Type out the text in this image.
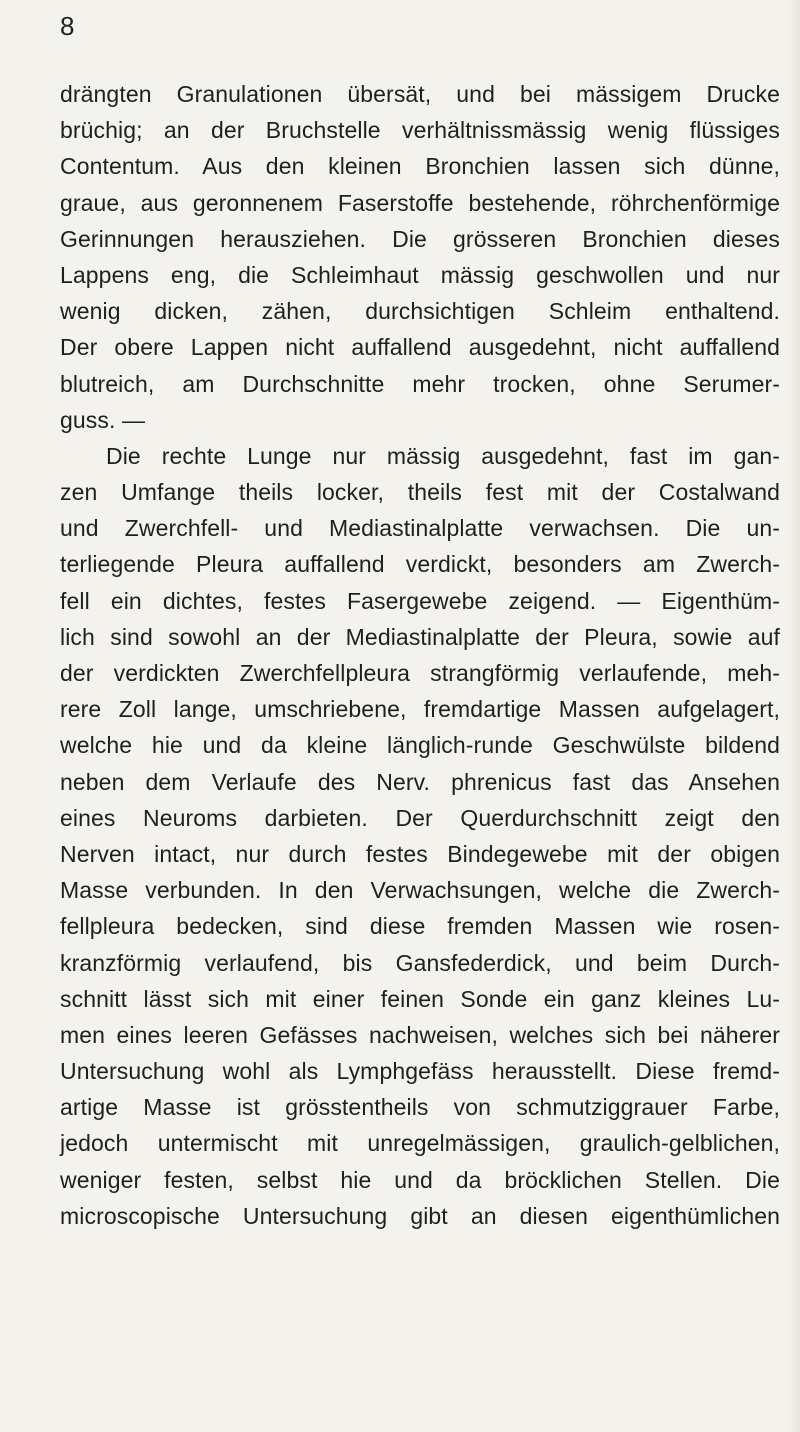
8
drängten Granulationen übersät, und bei mässigem Drucke
brüchig; an der Bruchstelle verhältnissmässig wenig flüssiges
Contentum. Aus den kleinen Bronchien lassen sich dünne,
graue, aus geronnenem Faserstoffe bestehende, röhrchenförmige
Gerinnungen herausziehen. Die grösseren Bronchien dieses
Lappens eng, die Schleimhaut mässig geschwollen und nur
wenig dicken, zähen, durchsichtigen Schleim enthaltend.
Der obere Lappen nicht auffallend ausgedehnt, nicht auffallend
blutreich, am Durchschnitte mehr trocken, ohne Serumer-
guss. —
Die rechte Lunge nur mässig ausgedehnt, fast im gan-
zen Umfange theils locker, theils fest mit der Costalwand
und Zwerchfell- und Mediastinalplatte verwachsen. Die un-
terliegende Pleura auffallend verdickt, besonders am Zwerch-
fell ein dichtes, festes Fasergewebe zeigend. — Eigenthüm-
lich sind sowohl an der Mediastinalplatte der Pleura, sowie auf
der verdickten Zwerchfellpleura strangförmig verlaufende, meh-
rere Zoll lange, umschriebene, fremdartige Massen aufgelagert,
welche hie und da kleine länglich-runde Geschwülste bildend
neben dem Verlaufe des Nerv. phrenicus fast das Ansehen
eines Neuroms darbieten. Der Querdurchschnitt zeigt den
Nerven intact, nur durch festes Bindegewebe mit der obigen
Masse verbunden. In den Verwachsungen, welche die Zwerch-
fellpleura bedecken, sind diese fremden Massen wie rosen-
kranzförmig verlaufend, bis Gansfederdick, und beim Durch-
schnitt lässt sich mit einer feinen Sonde ein ganz kleines Lu-
men eines leeren Gefässes nachweisen, welches sich bei näherer
Untersuchung wohl als Lymphgefäss herausstellt. Diese fremd-
artige Masse ist grösstentheils von schmutziggrauer Farbe,
jedoch untermischt mit unregelmässigen, graulich-gelblichen,
weniger festen, selbst hie und da bröcklichen Stellen. Die
microscopische Untersuchung gibt an diesen eigenthümlichen
